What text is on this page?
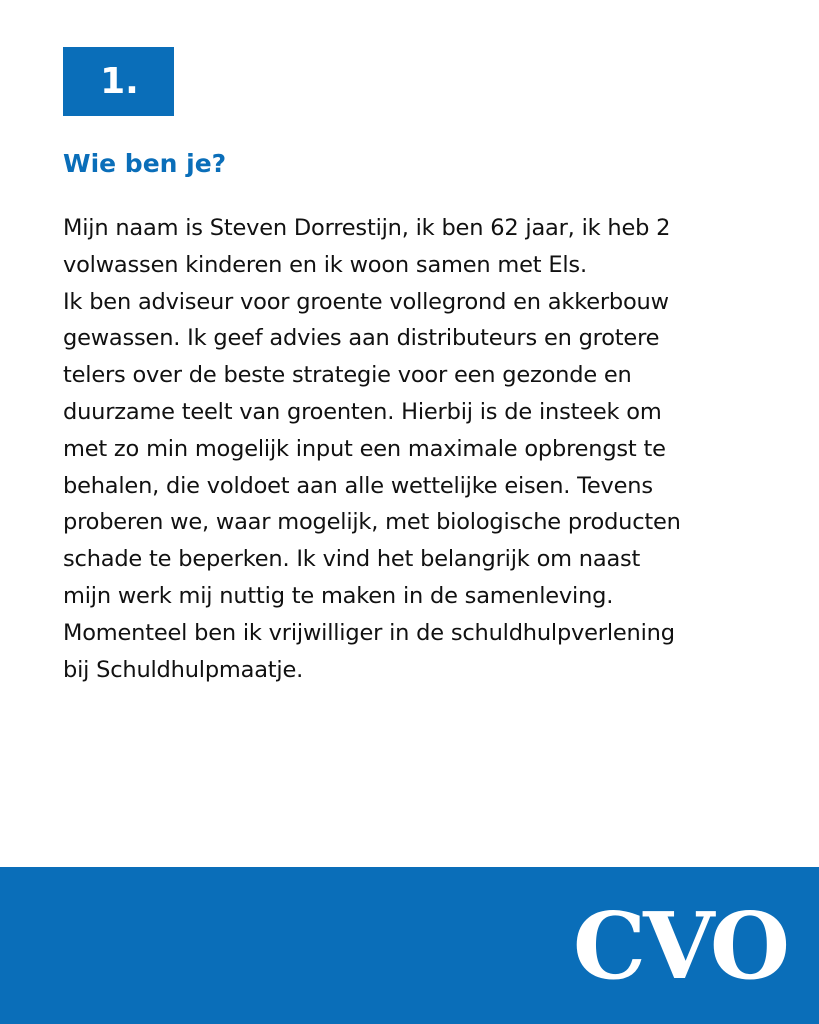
1.
Wie ben je?

Mijn naam is Steven Dorrestijn, ik ben 62 jaar, ik heb 2
volwassen kinderen en ik woon samen met Els.
Ik ben adviseur voor groente vollegrond en akkerbouw
gewassen. Ik geef advies aan distributeurs en grotere
telers over de beste strategie voor een gezonde en
duurzame teelt van groenten. Hierbij is de insteek om
met zo min mogelijk input een maximale opbrengst te
behalen, die voldoet aan alle wettelijke eisen. Tevens
proberen we, waar mogelijk, met biologische producten
schade te beperken. Ik vind het belangrijk om naast
mijn werk mij nuttig te maken in de samenleving.
Momenteel ben ik vrijwilliger in de schuldhulpverlening
bij Schuldhulpmaatje.

CVO
